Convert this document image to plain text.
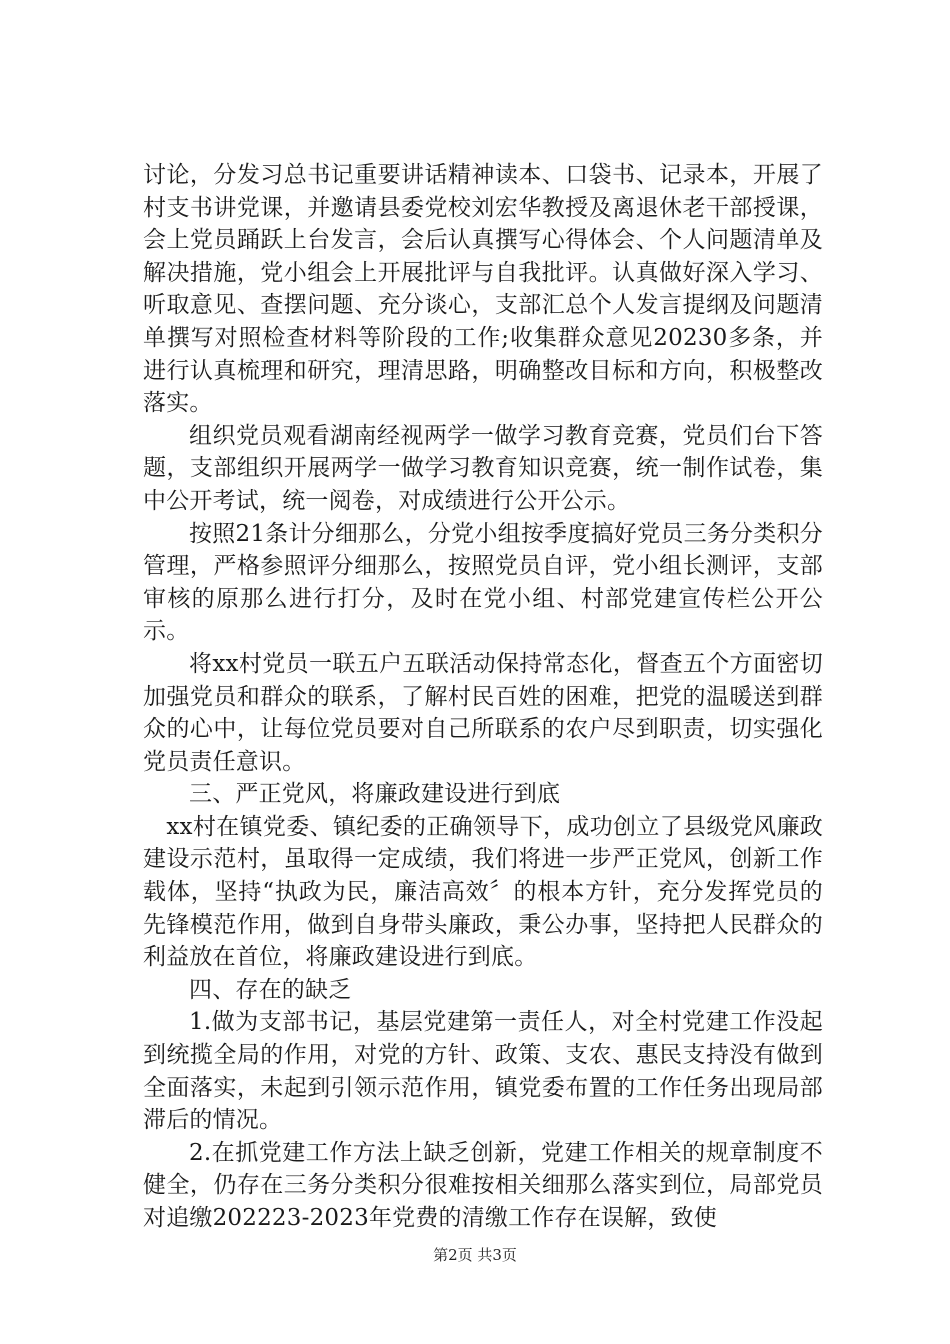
讨论，分发习总书记重要讲话精神读本、口袋书、记录本，开展了村支书讲党课，并邀请县委党校刘宏华教授及离退休老干部授课，会上党员踊跃上台发言，会后认真撰写心得体会、个人问题清单及解决措施，党小组会上开展批评与自我批评。认真做好深入学习、听取意见、查摆问题、充分谈心，支部汇总个人发言提纲及问题清单撰写对照检查材料等阶段的工作;收集群众意见20230多条，并进行认真梳理和研究，理清思路，明确整改目标和方向，积极整改落实。

组织党员观看湖南经视两学一做学习教育竞赛，党员们台下答题，支部组织开展两学一做学习教育知识竞赛，统一制作试卷，集中公开考试，统一阅卷，对成绩进行公开公示。

按照21条计分细那么，分党小组按季度搞好党员三务分类积分管理，严格参照评分细那么，按照党员自评，党小组长测评，支部审核的原那么进行打分，及时在党小组、村部党建宣传栏公开公示。

将xx村党员一联五户五联活动保持常态化，督查五个方面密切加强党员和群众的联系，了解村民百姓的困难，把党的温暖送到群众的心中，让每位党员要对自己所联系的农户尽到职责，切实强化党员责任意识。

三、严正党风，将廉政建设进行到底

　xx村在镇党委、镇纪委的正确领导下，成功创立了县级党风廉政建设示范村，虽取得一定成绩，我们将进一步严正党风，创新工作载体，坚持“执政为民，廉洁高效〞的根本方针，充分发挥党员的先锋模范作用，做到自身带头廉政，秉公办事，坚持把人民群众的利益放在首位，将廉政建设进行到底。

四、存在的缺乏

1.做为支部书记，基层党建第一责任人，对全村党建工作没起到统揽全局的作用，对党的方针、政策、支农、惠民支持没有做到全面落实，未起到引领示范作用，镇党委布置的工作任务出现局部滞后的情况。

2.在抓党建工作方法上缺乏创新，党建工作相关的规章制度不健全，仍存在三务分类积分很难按相关细那么落实到位，局部党员对追缴202223-2023年党费的清缴工作存在误解，致使

第2页 共3页
